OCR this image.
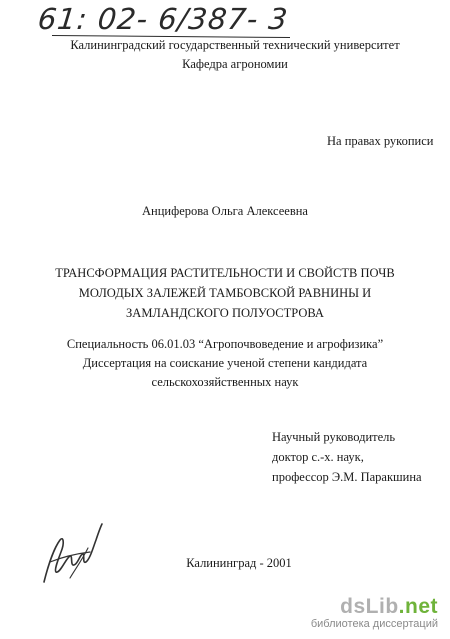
61: 02- 6/387- 3
Калининградский государственный технический университет
Кафедра агрономии
На правах рукописи
Анциферова Ольга Алексеевна
ТРАНСФОРМАЦИЯ РАСТИТЕЛЬНОСТИ И СВОЙСТВ ПОЧВ
МОЛОДЫХ ЗАЛЕЖЕЙ ТАМБОВСКОЙ РАВНИНЫ И
ЗАМЛАНДСКОГО ПОЛУОСТРОВА
Специальность 06.01.03 “Агропочвоведение и агрофизика”
Диссертация на соискание ученой степени кандидата
сельскохозяйственных наук
Научный руководитель
доктор с.-х. наук,
профессор Э.М. Паракшина
Калининград - 2001
dsLib.net
библиотека диссертаций
